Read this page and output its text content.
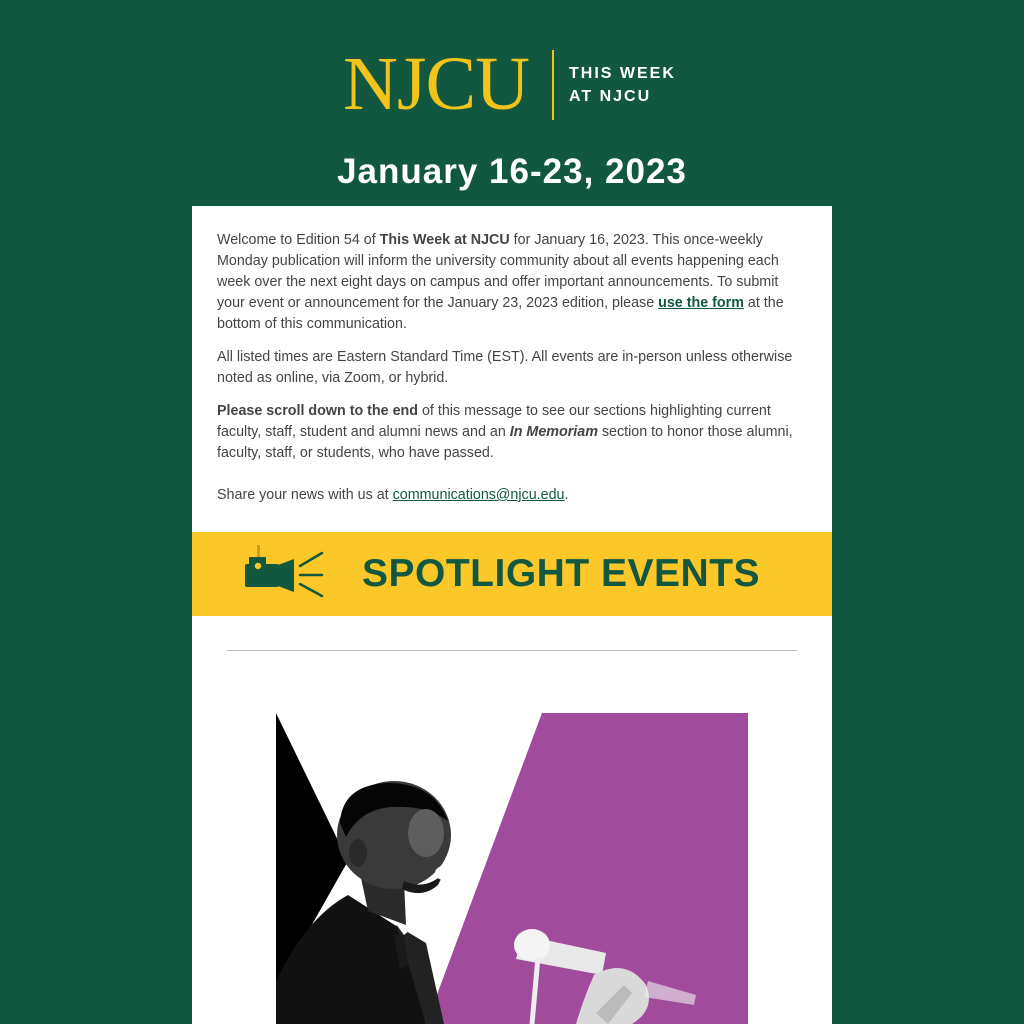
NJCU THIS WEEK
AT NJCU
January 16-23, 2023

Welcome to Edition 54 of This Week at NJCU for January 16, 2023. This once-weekly Monday publication will inform the university community about all events happening each week over the next eight days on campus and offer important announcements. To submit your event or announcement for the January 23, 2023 edition, please use the form at the bottom of this communication.

All listed times are Eastern Standard Time (EST). All events are in-person unless otherwise noted as online, via Zoom, or hybrid.

Please scroll down to the end of this message to see our sections highlighting current faculty, staff, student and alumni news and an In Memoriam section to honor those alumni, faculty, staff, or students, who have passed.

Share your news with us at communications@njcu.edu.

SPOTLIGHT EVENTS
